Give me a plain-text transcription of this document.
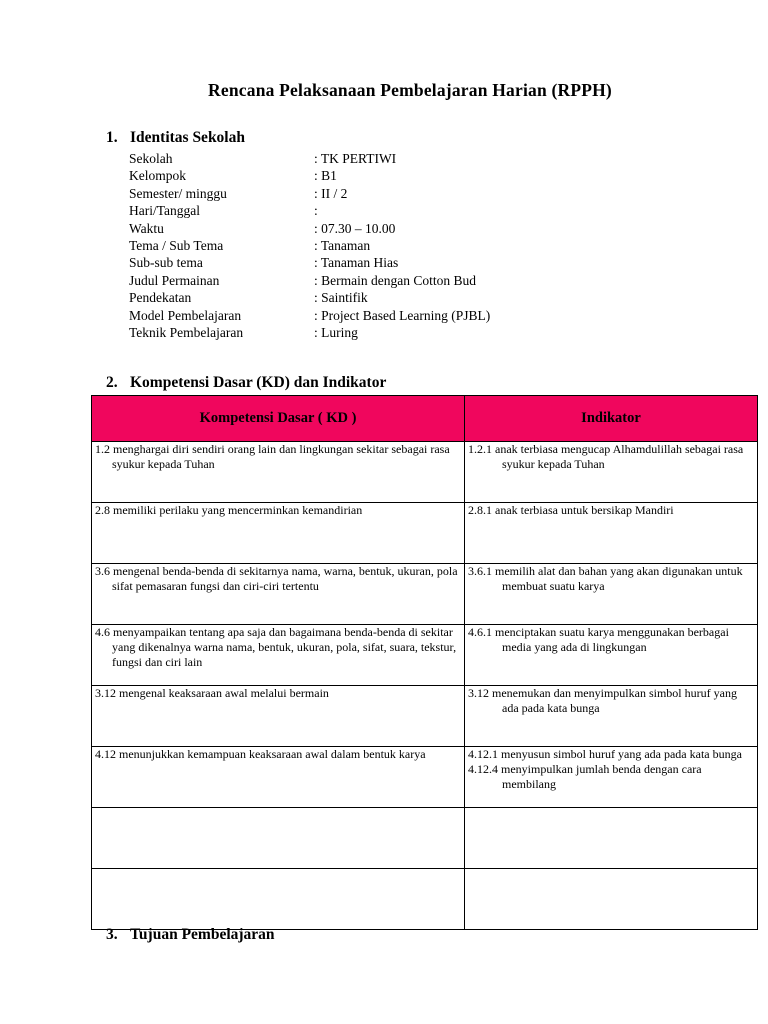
Rencana Pelaksanaan Pembelajaran Harian (RPPH)
1. Identitas Sekolah
Sekolah	: TK PERTIWI
Kelompok	: B1
Semester/ minggu	: II / 2
Hari/Tanggal	:
Waktu	: 07.30 – 10.00
Tema / Sub Tema	: Tanaman
Sub-sub tema	: Tanaman Hias
Judul Permainan	: Bermain dengan Cotton Bud
Pendekatan	: Saintifik
Model Pembelajaran	: Project Based Learning (PJBL)
Teknik Pembelajaran	: Luring
2. Kompetensi Dasar (KD) dan Indikator
Kompetensi Dasar ( KD )	Indikator

1.2 menghargai diri sendiri orang lain dan lingkungan sekitar sebagai rasa syukur kepada Tuhan	1.2.1 anak terbiasa mengucap Alhamdulillah sebagai rasa syukur kepada Tuhan

2.8 memiliki perilaku yang mencerminkan kemandirian	2.8.1 anak terbiasa untuk bersikap Mandiri

3.6 mengenal benda-benda di sekitarnya nama, warna, bentuk, ukuran, pola sifat pemasaran fungsi dan ciri-ciri tertentu	3.6.1 memilih alat dan bahan yang akan digunakan untuk membuat suatu karya

4.6 menyampaikan tentang apa saja dan bagaimana benda-benda di sekitar yang dikenalnya warna nama, bentuk, ukuran, pola, sifat, suara, tekstur, fungsi dan ciri lain	4.6.1 menciptakan suatu karya menggunakan berbagai media yang ada di lingkungan

3.12 mengenal keaksaraan awal melalui bermain	3.12 menemukan dan menyimpulkan simbol huruf yang ada pada kata bunga

4.12 menunjukkan kemampuan keaksaraan awal dalam bentuk karya	4.12.1 menyusun simbol huruf yang ada pada kata bunga
4.12.4 menyimpulkan jumlah benda dengan cara membilang

3. Tujuan Pembelajaran
